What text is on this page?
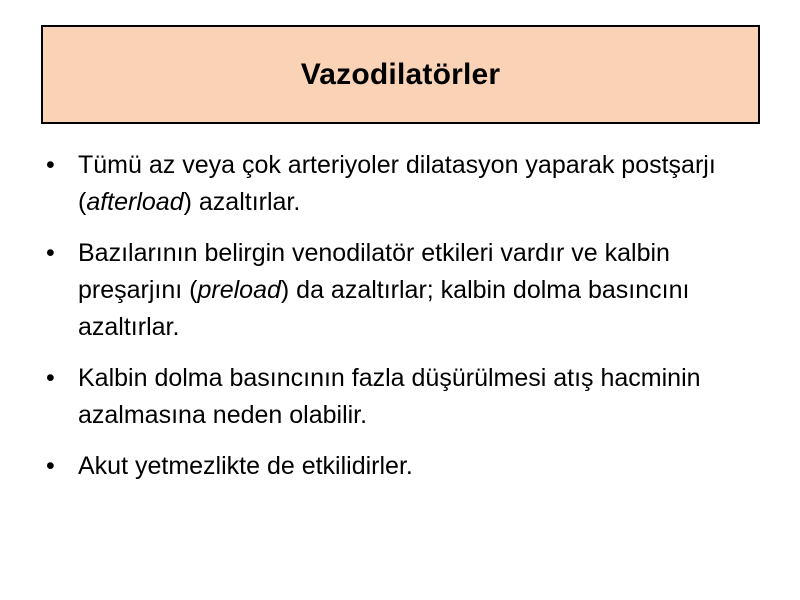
Vazodilatörler
• Tümü az veya çok arteriyoler dilatasyon yaparak postşarjı (afterload) azaltırlar.
• Bazılarının belirgin venodilatör etkileri vardır ve kalbin preşarjını (preload) da azaltırlar; kalbin dolma basıncını azaltırlar.
• Kalbin dolma basıncının fazla düşürülmesi atış hacminin azalmasına neden olabilir.
• Akut yetmezlikte de etkilidirler.
